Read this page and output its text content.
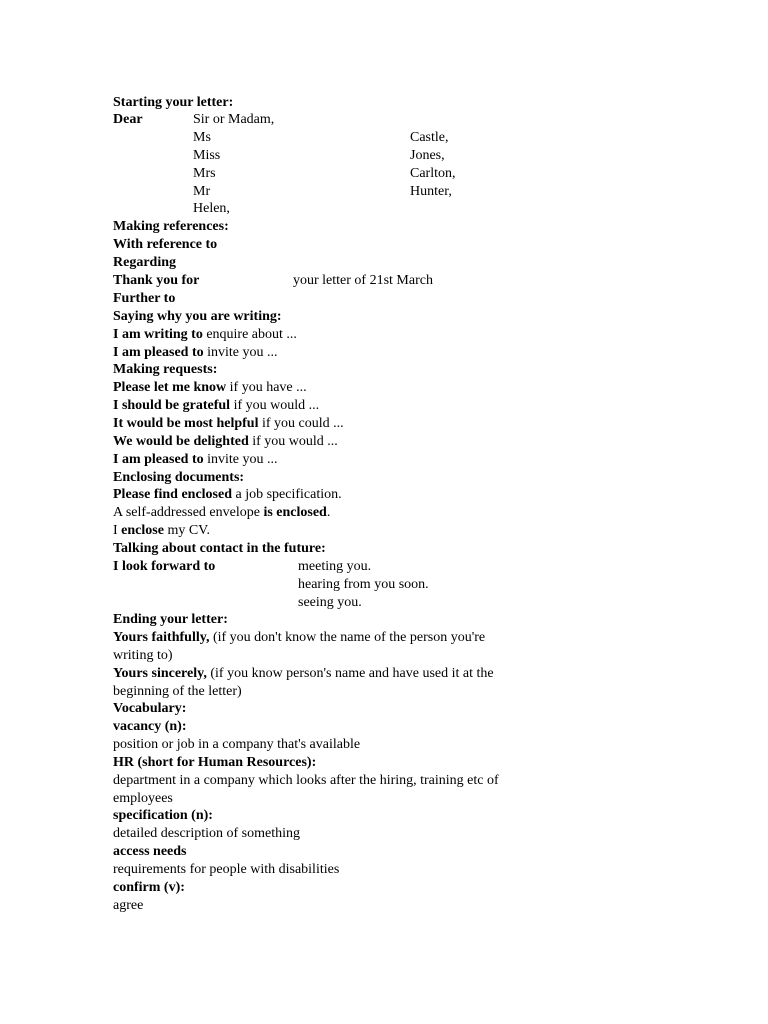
Starting your letter:
Dear	Sir or Madam,
Ms	Castle,
Miss	Jones,
Mrs	Carlton,
Mr	Hunter,
Helen,
Making references:
With reference to
Regarding
Thank you for	your letter of 21st March
Further to
Saying why you are writing:
I am writing to enquire about ...
I am pleased to invite you ...
Making requests:
Please let me know if you have ...
I should be grateful if you would ...
It would be most helpful if you could ...
We would be delighted if you would ...
I am pleased to invite you ...
Enclosing documents:
Please find enclosed a job specification.
A self-addressed envelope is enclosed.
I enclose my CV.
Talking about contact in the future:
I look forward to	meeting you.
hearing from you soon.
seeing you.
Ending your letter:
Yours faithfully, (if you don't know the name of the person you're
writing to)
Yours sincerely, (if you know person's name and have used it at the
beginning of the letter)
Vocabulary:
vacancy (n):
position or job in a company that's available
HR (short for Human Resources):
department in a company which looks after the hiring, training etc of
employees
specification (n):
detailed description of something
access needs
requirements for people with disabilities
confirm (v):
agree
